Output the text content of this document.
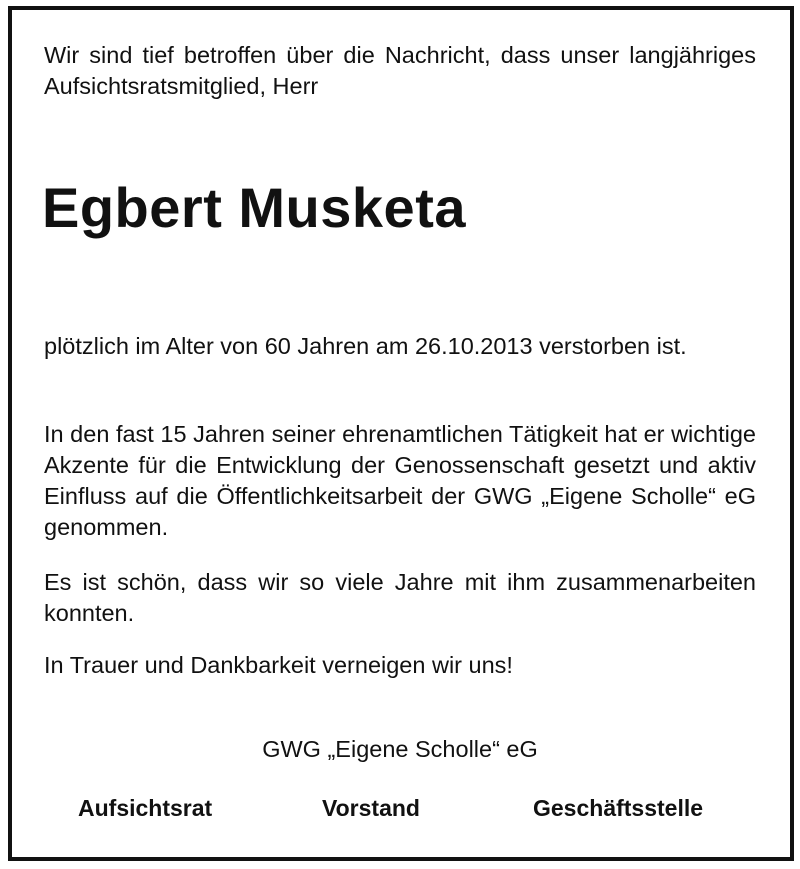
Wir sind tief betroffen über die Nachricht, dass unser langjähriges Aufsichtsratsmitglied, Herr

Egbert Musketa

plötzlich im Alter von 60 Jahren am 26.10.2013 verstorben ist.

In den fast 15 Jahren seiner ehrenamtlichen Tätigkeit hat er wichtige Akzente für die Entwicklung der Genossenschaft gesetzt und aktiv Einfluss auf die Öffentlichkeitsarbeit der GWG „Eigene Scholle“ eG genommen.

Es ist schön, dass wir so viele Jahre mit ihm zusammenarbeiten konnten.

In Trauer und Dankbarkeit verneigen wir uns!

GWG „Eigene Scholle“ eG
Aufsichtsrat	Vorstand	Geschäftsstelle
